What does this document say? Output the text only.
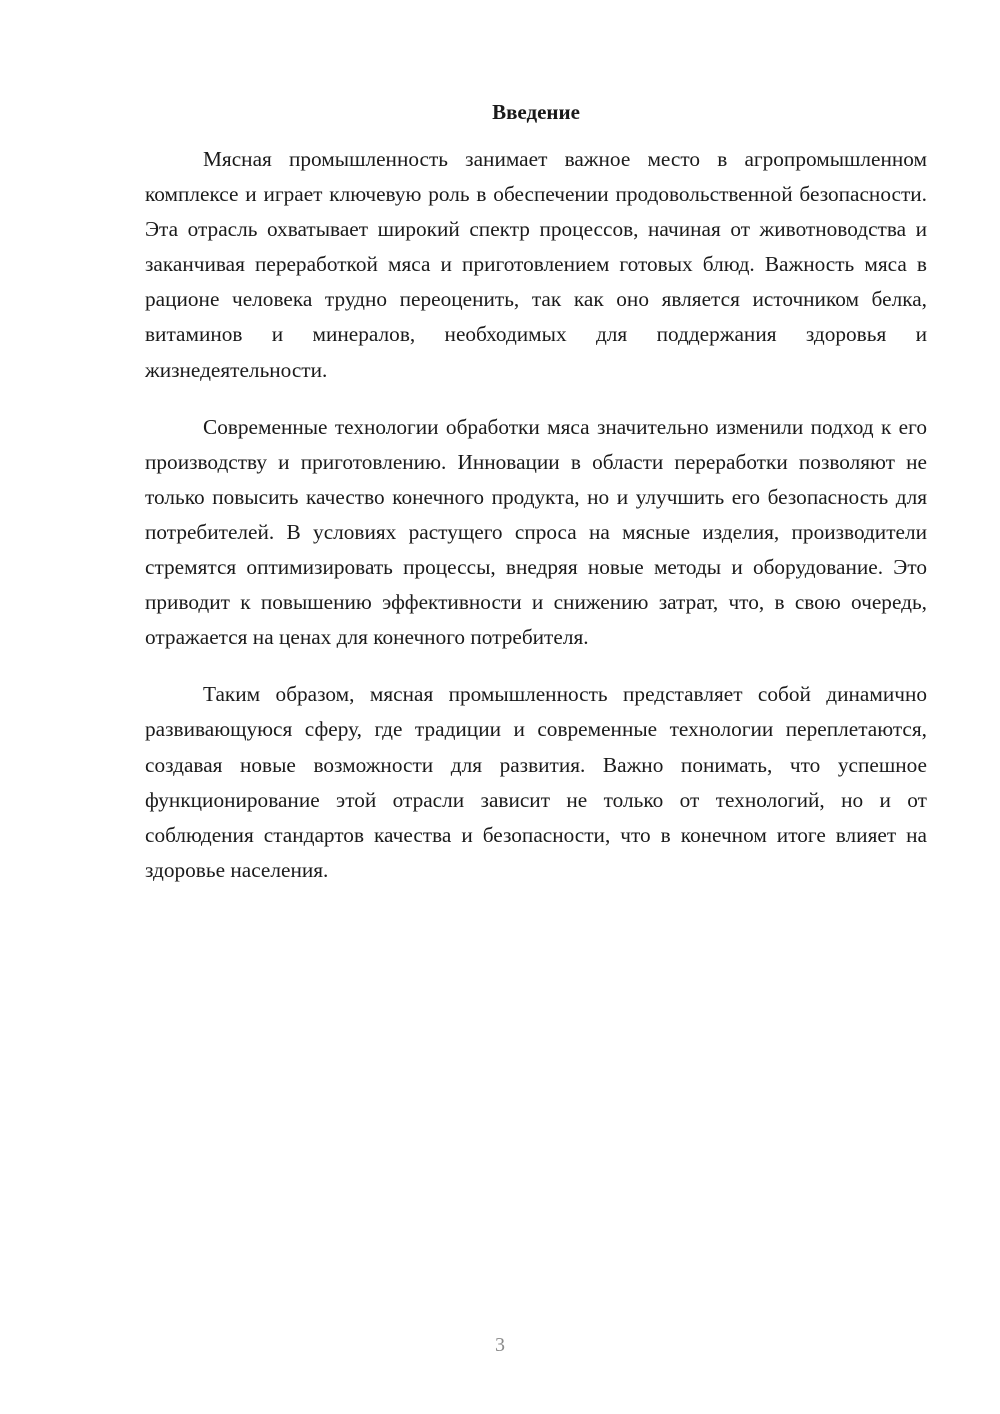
Введение

Мясная промышленность занимает важное место в агропромышленном комплексе и играет ключевую роль в обеспечении продовольственной безопасности. Эта отрасль охватывает широкий спектр процессов, начиная от животноводства и заканчивая переработкой мяса и приготовлением готовых блюд. Важность мяса в рационе человека трудно переоценить, так как оно является источником белка, витаминов и минералов, необходимых для поддержания здоровья и жизнедеятельности.

Современные технологии обработки мяса значительно изменили подход к его производству и приготовлению. Инновации в области переработки позволяют не только повысить качество конечного продукта, но и улучшить его безопасность для потребителей. В условиях растущего спроса на мясные изделия, производители стремятся оптимизировать процессы, внедряя новые методы и оборудование. Это приводит к повышению эффективности и снижению затрат, что, в свою очередь, отражается на ценах для конечного потребителя.

Таким образом, мясная промышленность представляет собой динамично развивающуюся сферу, где традиции и современные технологии переплетаются, создавая новые возможности для развития. Важно понимать, что успешное функционирование этой отрасли зависит не только от технологий, но и от соблюдения стандартов качества и безопасности, что в конечном итоге влияет на здоровье населения.

3
